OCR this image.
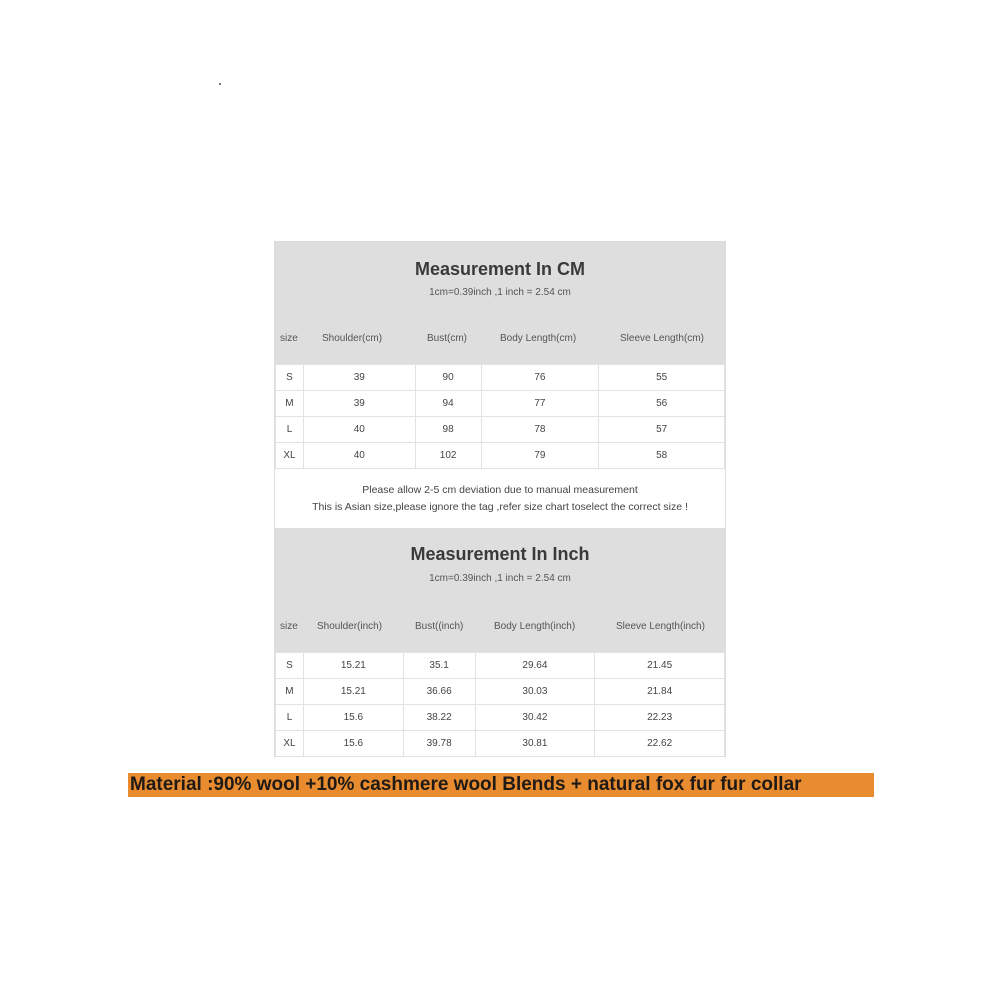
Measurement In CM
1cm=0.39inch ,1 inch = 2.54 cm
size Shoulder(cm)	Bust(cm)	Body Length(cm)	Sleeve Length(cm)
S	39	90	76	55
M	39	94	77	56
L	40	98	78	57
XL	40	102	79	58
Please allow 2-5 cm deviation due to manual measurement
This is Asian size,please ignore the tag ,refer size chart toselect the correct size !
Measurement In Inch
1cm=0.39inch ,1 inch = 2.54 cm
size Shoulder(inch)	Bust((inch)	Body Length(inch)	Sleeve Length(inch)
S	15.21	35.1	29.64	21.45
M	15.21	36.66	30.03	21.84
L	15.6	38.22	30.42	22.23
XL	15.6	39.78	30.81	22.62
Material :90% wool +10% cashmere wool Blends + natural fox fur fur collar
